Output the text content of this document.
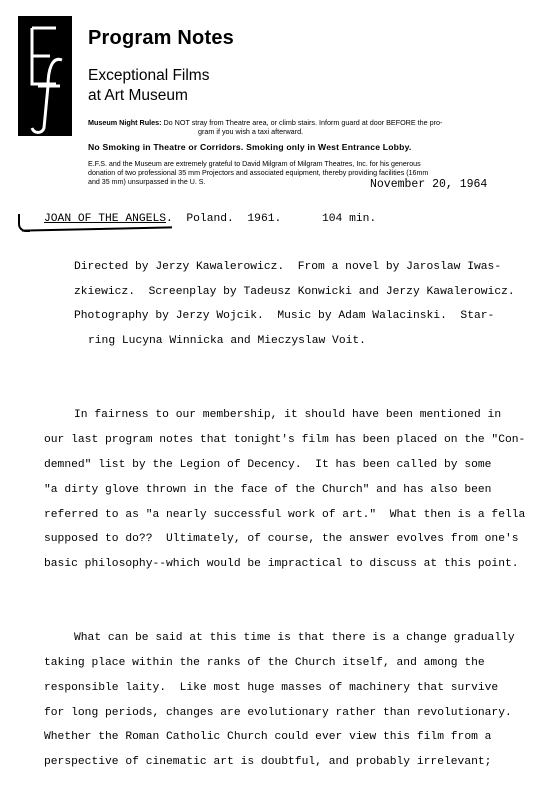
Program Notes
Exceptional Films
at Art Museum
Museum Night Rules: Do NOT stray from Theatre area, or climb stairs. Inform guard at door BEFORE the pro-
gram if you wish a taxi afterward.
No Smoking in Theatre or Corridors. Smoking only in West Entrance Lobby.
E.F.S. and the Museum are extremely grateful to David Milgram of Milgram Theatres, Inc. for his generous
donation of two professional 35 mm Projectors and associated equipment, thereby providing facilities (16mm
and 35 mm) unsurpassed in the U. S.	November 20, 1964
JOAN OF THE ANGELS.  Poland.  1961.      104 min.

Directed by Jerzy Kawalerowicz.  From a novel by Jaroslaw Iwas-

zkiewicz.  Screenplay by Tadeusz Konwicki and Jerzy Kawalerowicz.

Photography by Jerzy Wojcik.  Music by Adam Walacinski.  Star-

ring Lucyna Winnicka and Mieczyslaw Voit.

In fairness to our membership, it should have been mentioned in

our last program notes that tonight's film has been placed on the "Con-

demned" list by the Legion of Decency.  It has been called by some

"a dirty glove thrown in the face of the Church" and has also been

referred to as "a nearly successful work of art."  What then is a fella

supposed to do??  Ultimately, of course, the answer evolves from one's

basic philosophy--which would be impractical to discuss at this point.

What can be said at this time is that there is a change gradually

taking place within the ranks of the Church itself, and among the

responsible laity.  Like most huge masses of machinery that survive

for long periods, changes are evolutionary rather than revolutionary.

Whether the Roman Catholic Church could ever view this film from a

perspective of cinematic art is doubtful, and probably irrelevant;
